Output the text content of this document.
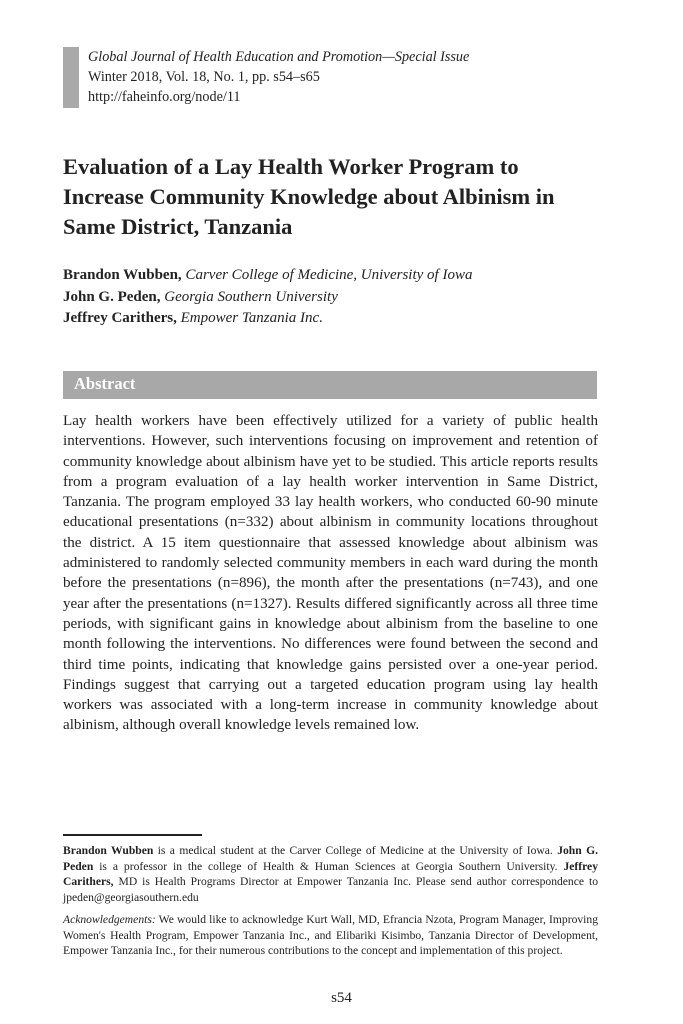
Global Journal of Health Education and Promotion—Special Issue
Winter 2018, Vol. 18, No. 1, pp. s54–s65
http://faheinfo.org/node/11
Evaluation of a Lay Health Worker Program to Increase Community Knowledge about Albinism in Same District, Tanzania
Brandon Wubben, Carver College of Medicine, University of Iowa
John G. Peden, Georgia Southern University
Jeffrey Carithers, Empower Tanzania Inc.
Abstract

Lay health workers have been effectively utilized for a variety of public health interventions. However, such interventions focusing on improvement and retention of community knowledge about albinism have yet to be studied. This article reports results from a program evaluation of a lay health worker intervention in Same District, Tanzania. The program employed 33 lay health workers, who conducted 60-90 minute educational presentations (n=332) about albinism in community locations throughout the district. A 15 item questionnaire that assessed knowledge about albinism was administered to randomly selected community members in each ward during the month before the presentations (n=896), the month after the presentations (n=743), and one year after the presentations (n=1327). Results differed significantly across all three time periods, with significant gains in knowledge about albinism from the baseline to one month following the interventions. No differences were found between the second and third time points, indicating that knowledge gains persisted over a one-year period. Findings suggest that carrying out a targeted education program using lay health workers was associated with a long-term increase in community knowledge about albinism, although overall knowledge levels remained low.

Brandon Wubben is a medical student at the Carver College of Medicine at the University of Iowa. John G. Peden is a professor in the college of Health & Human Sciences at Georgia Southern University. Jeffrey Carithers, MD is Health Programs Director at Empower Tanzania Inc. Please send author correspondence to jpeden@georgiasouthern.edu

Acknowledgements: We would like to acknowledge Kurt Wall, MD, Efrancia Nzota, Program Manager, Improving Women's Health Program, Empower Tanzania Inc., and Elibariki Kisimbo, Tanzania Director of Development, Empower Tanzania Inc., for their numerous contributions to the concept and implementation of this project.

s54
